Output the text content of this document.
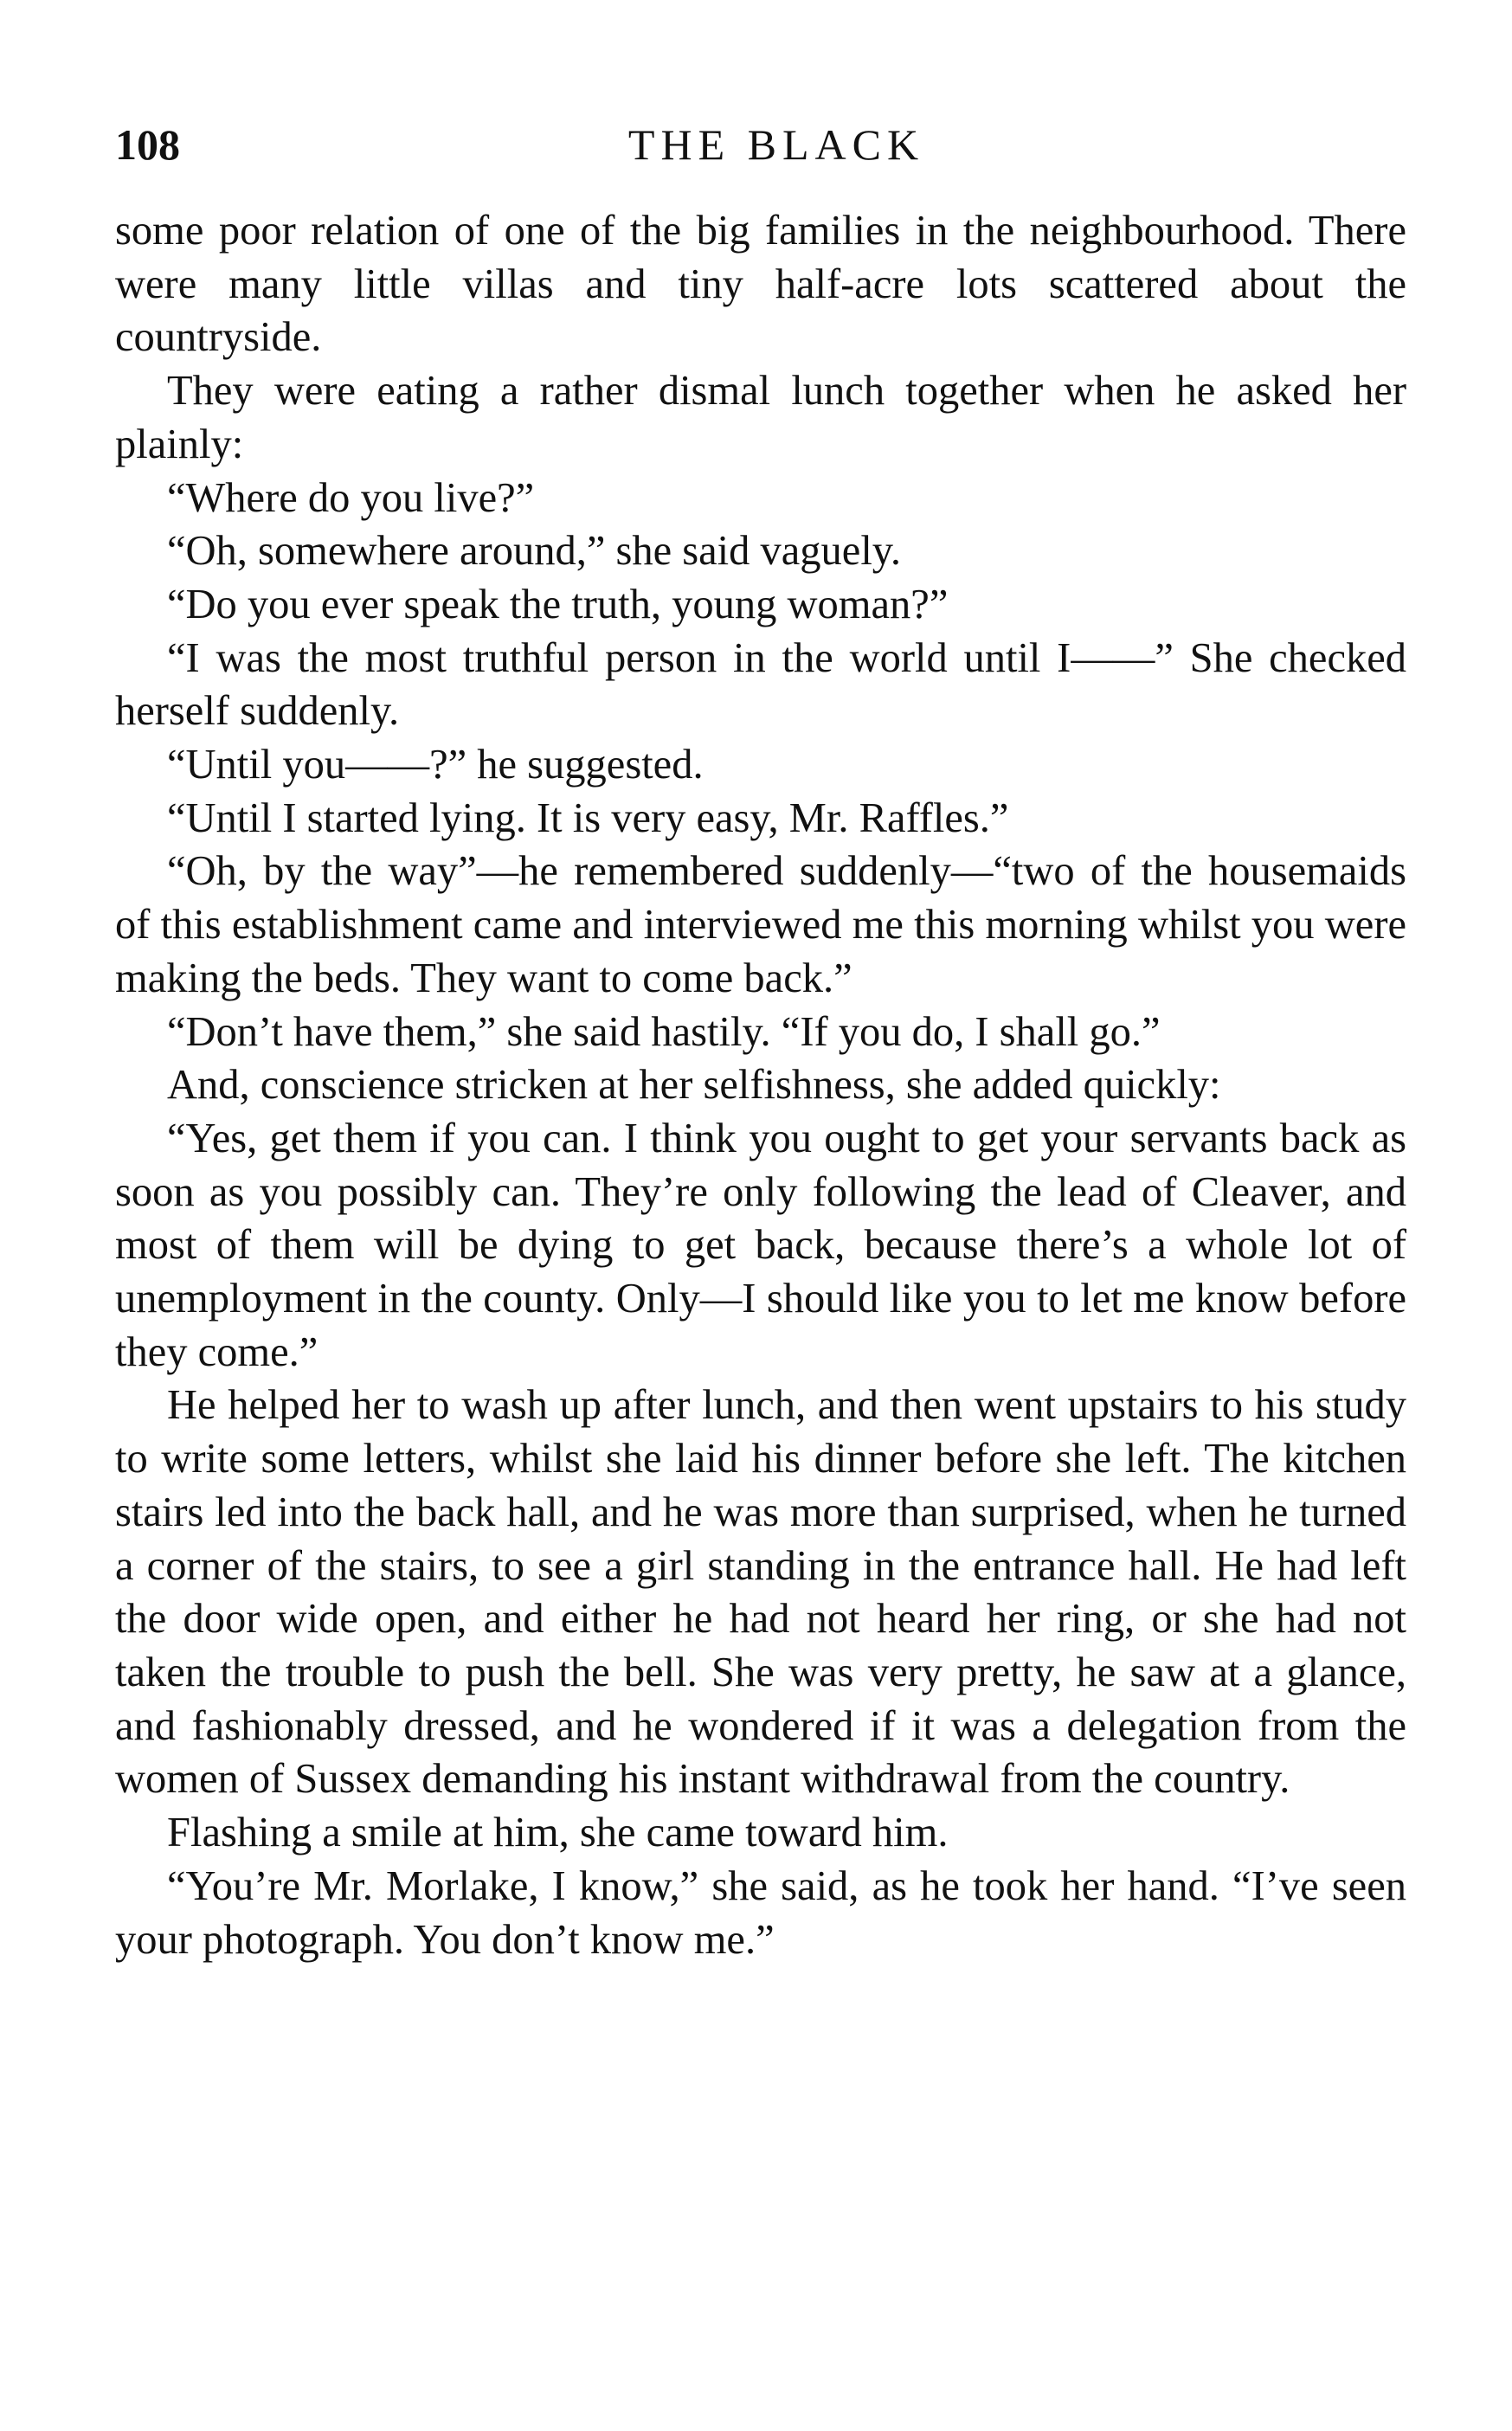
108	THE BLACK

some poor relation of one of the big families in the neighbourhood. There were many little villas and tiny half-acre lots scattered about the countryside.

They were eating a rather dismal lunch together when he asked her plainly:

“Where do you live?”

“Oh, somewhere around,” she said vaguely.

“Do you ever speak the truth, young woman?”

“I was the most truthful person in the world until I——” She checked herself suddenly.

“Until you——?” he suggested.

“Until I started lying. It is very easy, Mr. Raffles.”

“Oh, by the way”—he remembered suddenly—“two of the housemaids of this establishment came and interviewed me this morning whilst you were making the beds. They want to come back.”

“Don’t have them,” she said hastily. “If you do, I shall go.”

And, conscience stricken at her selfishness, she added quickly:

“Yes, get them if you can. I think you ought to get your servants back as soon as you possibly can. They’re only following the lead of Cleaver, and most of them will be dying to get back, because there’s a whole lot of unemployment in the county. Only—I should like you to let me know before they come.”

He helped her to wash up after lunch, and then went upstairs to his study to write some letters, whilst she laid his dinner before she left. The kitchen stairs led into the back hall, and he was more than surprised, when he turned a corner of the stairs, to see a girl standing in the entrance hall. He had left the door wide open, and either he had not heard her ring, or she had not taken the trouble to push the bell. She was very pretty, he saw at a glance, and fashionably dressed, and he wondered if it was a delegation from the women of Sussex demanding his instant withdrawal from the country.

Flashing a smile at him, she came toward him.

“You’re Mr. Morlake, I know,” she said, as he took her hand. “I’ve seen your photograph. You don’t know me.”
